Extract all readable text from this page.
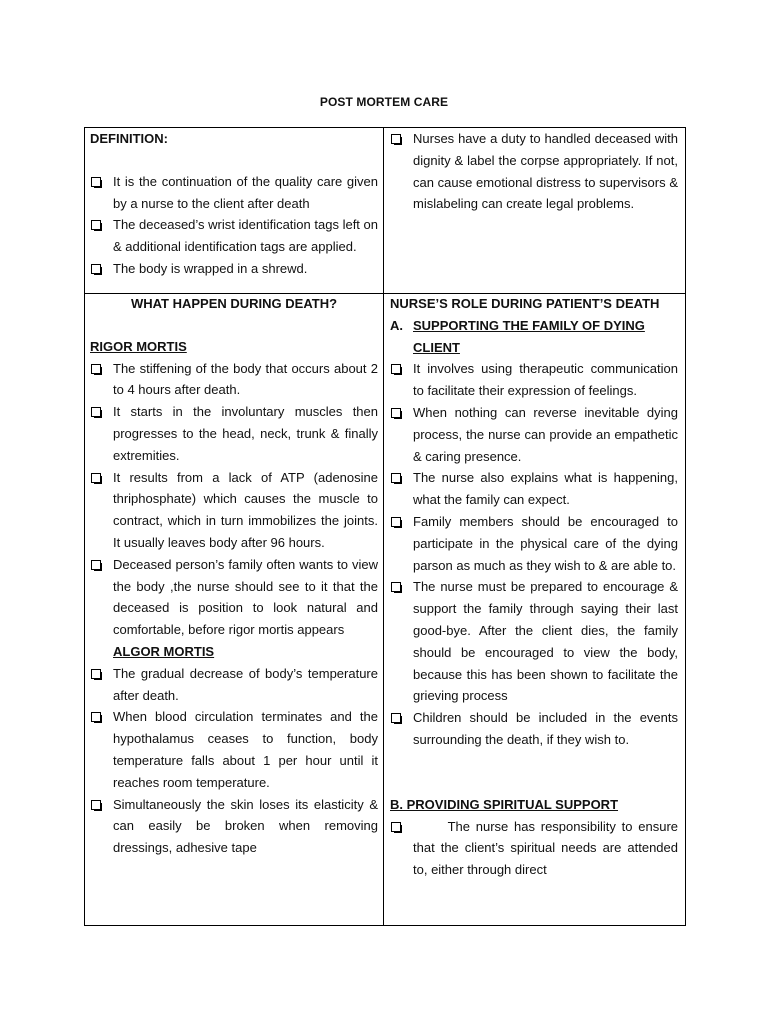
POST MORTEM CARE

DEFINITION:

It is the continuation of the quality care given by a nurse to the client after death
The deceased’s wrist identification tags left on & additional identification tags are applied.
The body is wrapped in a shrewd.
Nurses have a duty to handled deceased with dignity & label the corpse appropriately. If not, can cause emotional distress to supervisors & mislabeling can create legal problems.

WHAT HAPPEN DURING DEATH?

RIGOR MORTIS

The stiffening of the body that occurs about 2 to 4 hours after death.
It starts in the involuntary muscles then progresses to the head, neck, trunk & finally extremities.
It results from a lack of ATP (adenosine thriphosphate) which causes the muscle to contract, which in turn immobilizes the joints. It usually leaves body after 96 hours.
Deceased person’s family often wants to view the body ,the nurse should see to it that the deceased is position to look natural and comfortable, before rigor mortis appears

ALGOR MORTIS

The gradual decrease of body’s temperature after death.
When blood circulation terminates and the hypothalamus ceases to function, body temperature falls about 1 per hour until it reaches room temperature.
Simultaneously the skin loses its elasticity & can easily be broken when removing dressings, adhesive tape

NURSE’S ROLE DURING PATIENT’S DEATH

A. SUPPORTING THE FAMILY OF DYING CLIENT
It involves using therapeutic communication to facilitate their expression of feelings.
When nothing can reverse inevitable dying process, the nurse can provide an empathetic & caring presence.
The nurse also explains what is happening, what the family can expect.
Family members should be encouraged to participate in the physical care of the dying parson as much as they wish to & are able to.
The nurse must be prepared to encourage & support the family through saying their last good-bye. After the client dies, the family should be encouraged to view the body, because this has been shown to facilitate the grieving process
Children should be included in the events surrounding the death, if they wish to.

B. PROVIDING SPIRITUAL SUPPORT

The nurse has responsibility to ensure that the client’s spiritual needs are attended to, either through direct
